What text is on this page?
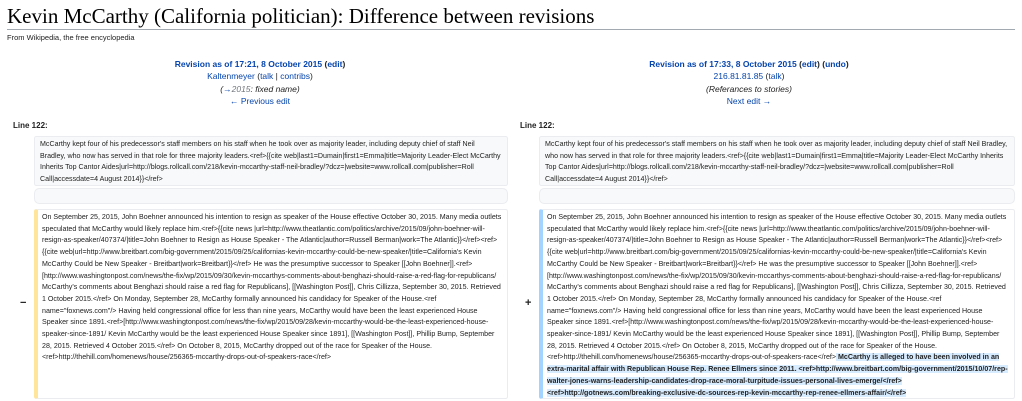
Kevin McCarthy (California politician): Difference between revisions
From Wikipedia, the free encyclopedia
Revision as of 17:21, 8 October 2015 (edit)
Kaltenmeyer (talk | contribs)
(→2015: fixed name)
← Previous edit
Revision as of 17:33, 8 October 2015 (edit) (undo)
216.81.81.85 (talk)
(Referances to stories)
Next edit →
Line 122:	Line 122:
McCarthy kept four of his predecessor's staff members on his staff when he took over as majority leader, including deputy chief of staff Neil Bradley, who now has served in that role for three majority leaders.<ref>{{cite web|last1=Dumain|first1=Emma|title=Majority Leader-Elect McCarthy Inherits Top Cantor Aides|url=http://blogs.rollcall.com/218/kevin-mccarthy-staff-neil-bradley/?dcz=|website=www.rollcall.com|publisher=Roll Call|accessdate=4 August 2014}}</ref>
McCarthy kept four of his predecessor's staff members on his staff when he took over as majority leader, including deputy chief of staff Neil Bradley, who now has served in that role for three majority leaders.<ref>{{cite web|last1=Dumain|first1=Emma|title=Majority Leader-Elect McCarthy Inherits Top Cantor Aides|url=http://blogs.rollcall.com/218/kevin-mccarthy-staff-neil-bradley/?dcz=|website=www.rollcall.com|publisher=Roll Call|accessdate=4 August 2014}}</ref>
−
On September 25, 2015, John Boehner announced his intention to resign as speaker of the House effective October 30, 2015. Many media outlets speculated that McCarthy would likely replace him.<ref>{{cite news |url=http://www.theatlantic.com/politics/archive/2015/09/john-boehner-will-resign-as-speaker/407374/|title=John Boehner to Resign as House Speaker - The Atlantic|author=Russell Berman|work=The Atlantic}}</ref><ref>{{cite web|url=http://www.breitbart.com/big-government/2015/09/25/californias-kevin-mccarthy-could-be-new-speaker/|title=California's Kevin McCarthy Could be New Speaker - Breitbart|work=Breitbart}}</ref> He was the presumptive successor to Speaker [[John Boehner]].<ref>[http://www.washingtonpost.com/news/the-fix/wp/2015/09/30/kevin-mccarthys-comments-about-benghazi-should-raise-a-red-flag-for-republicans/ McCarthy's comments about Benghazi should raise a red flag for Republicans], [[Washington Post]], Chris Cillizza, September 30, 2015. Retrieved 1 October 2015.</ref> On Monday, September 28, McCarthy formally announced his candidacy for Speaker of the House.<ref name="foxnews.com"/> Having held congressional office for less than nine years, McCarthy would have been the least experienced House Speaker since 1891.<ref>[http://www.washingtonpost.com/news/the-fix/wp/2015/09/28/kevin-mccarthy-would-be-the-least-experienced-house-speaker-since-1891/ Kevin McCarthy would be the least experienced House Speaker since 1891], [[Washington Post]], Phillip Bump, September 28, 2015. Retrieved 4 October 2015.</ref> On October 8, 2015, McCarthy dropped out of the race for Speaker of the House. <ref>http://thehill.com/homenews/house/256365-mccarthy-drops-out-of-speakers-race</ref>
+
On September 25, 2015, John Boehner announced his intention to resign as speaker of the House effective October 30, 2015. Many media outlets speculated that McCarthy would likely replace him.<ref>{{cite news |url=http://www.theatlantic.com/politics/archive/2015/09/john-boehner-will-resign-as-speaker/407374/|title=John Boehner to Resign as House Speaker - The Atlantic|author=Russell Berman|work=The Atlantic}}</ref><ref>{{cite web|url=http://www.breitbart.com/big-government/2015/09/25/californias-kevin-mccarthy-could-be-new-speaker/|title=California's Kevin McCarthy Could be New Speaker - Breitbart|work=Breitbart}}</ref> He was the presumptive successor to Speaker [[John Boehner]].<ref>[http://www.washingtonpost.com/news/the-fix/wp/2015/09/30/kevin-mccarthys-comments-about-benghazi-should-raise-a-red-flag-for-republicans/ McCarthy's comments about Benghazi should raise a red flag for Republicans], [[Washington Post]], Chris Cillizza, September 30, 2015. Retrieved 1 October 2015.</ref> On Monday, September 28, McCarthy formally announced his candidacy for Speaker of the House.<ref name="foxnews.com"/> Having held congressional office for less than nine years, McCarthy would have been the least experienced House Speaker since 1891.<ref>[http://www.washingtonpost.com/news/the-fix/wp/2015/09/28/kevin-mccarthy-would-be-the-least-experienced-house-speaker-since-1891/ Kevin McCarthy would be the least experienced House Speaker since 1891], [[Washington Post]], Phillip Bump, September 28, 2015. Retrieved 4 October 2015.</ref> On October 8, 2015, McCarthy dropped out of the race for Speaker of the House. <ref>http://thehill.com/homenews/house/256365-mccarthy-drops-out-of-speakers-race</ref> McCarthy is alleged to have been involved in an extra-marital affair with Republican House Rep. Renee Ellmers since 2011. <ref>http://www.breitbart.com/big-government/2015/10/07/rep-walter-jones-warns-leadership-candidates-drop-race-moral-turpitude-issues-personal-lives-emerge/</ref><ref>http://gotnews.com/breaking-exclusive-dc-sources-rep-kevin-mccarthy-rep-renee-ellmers-affair/</ref>
